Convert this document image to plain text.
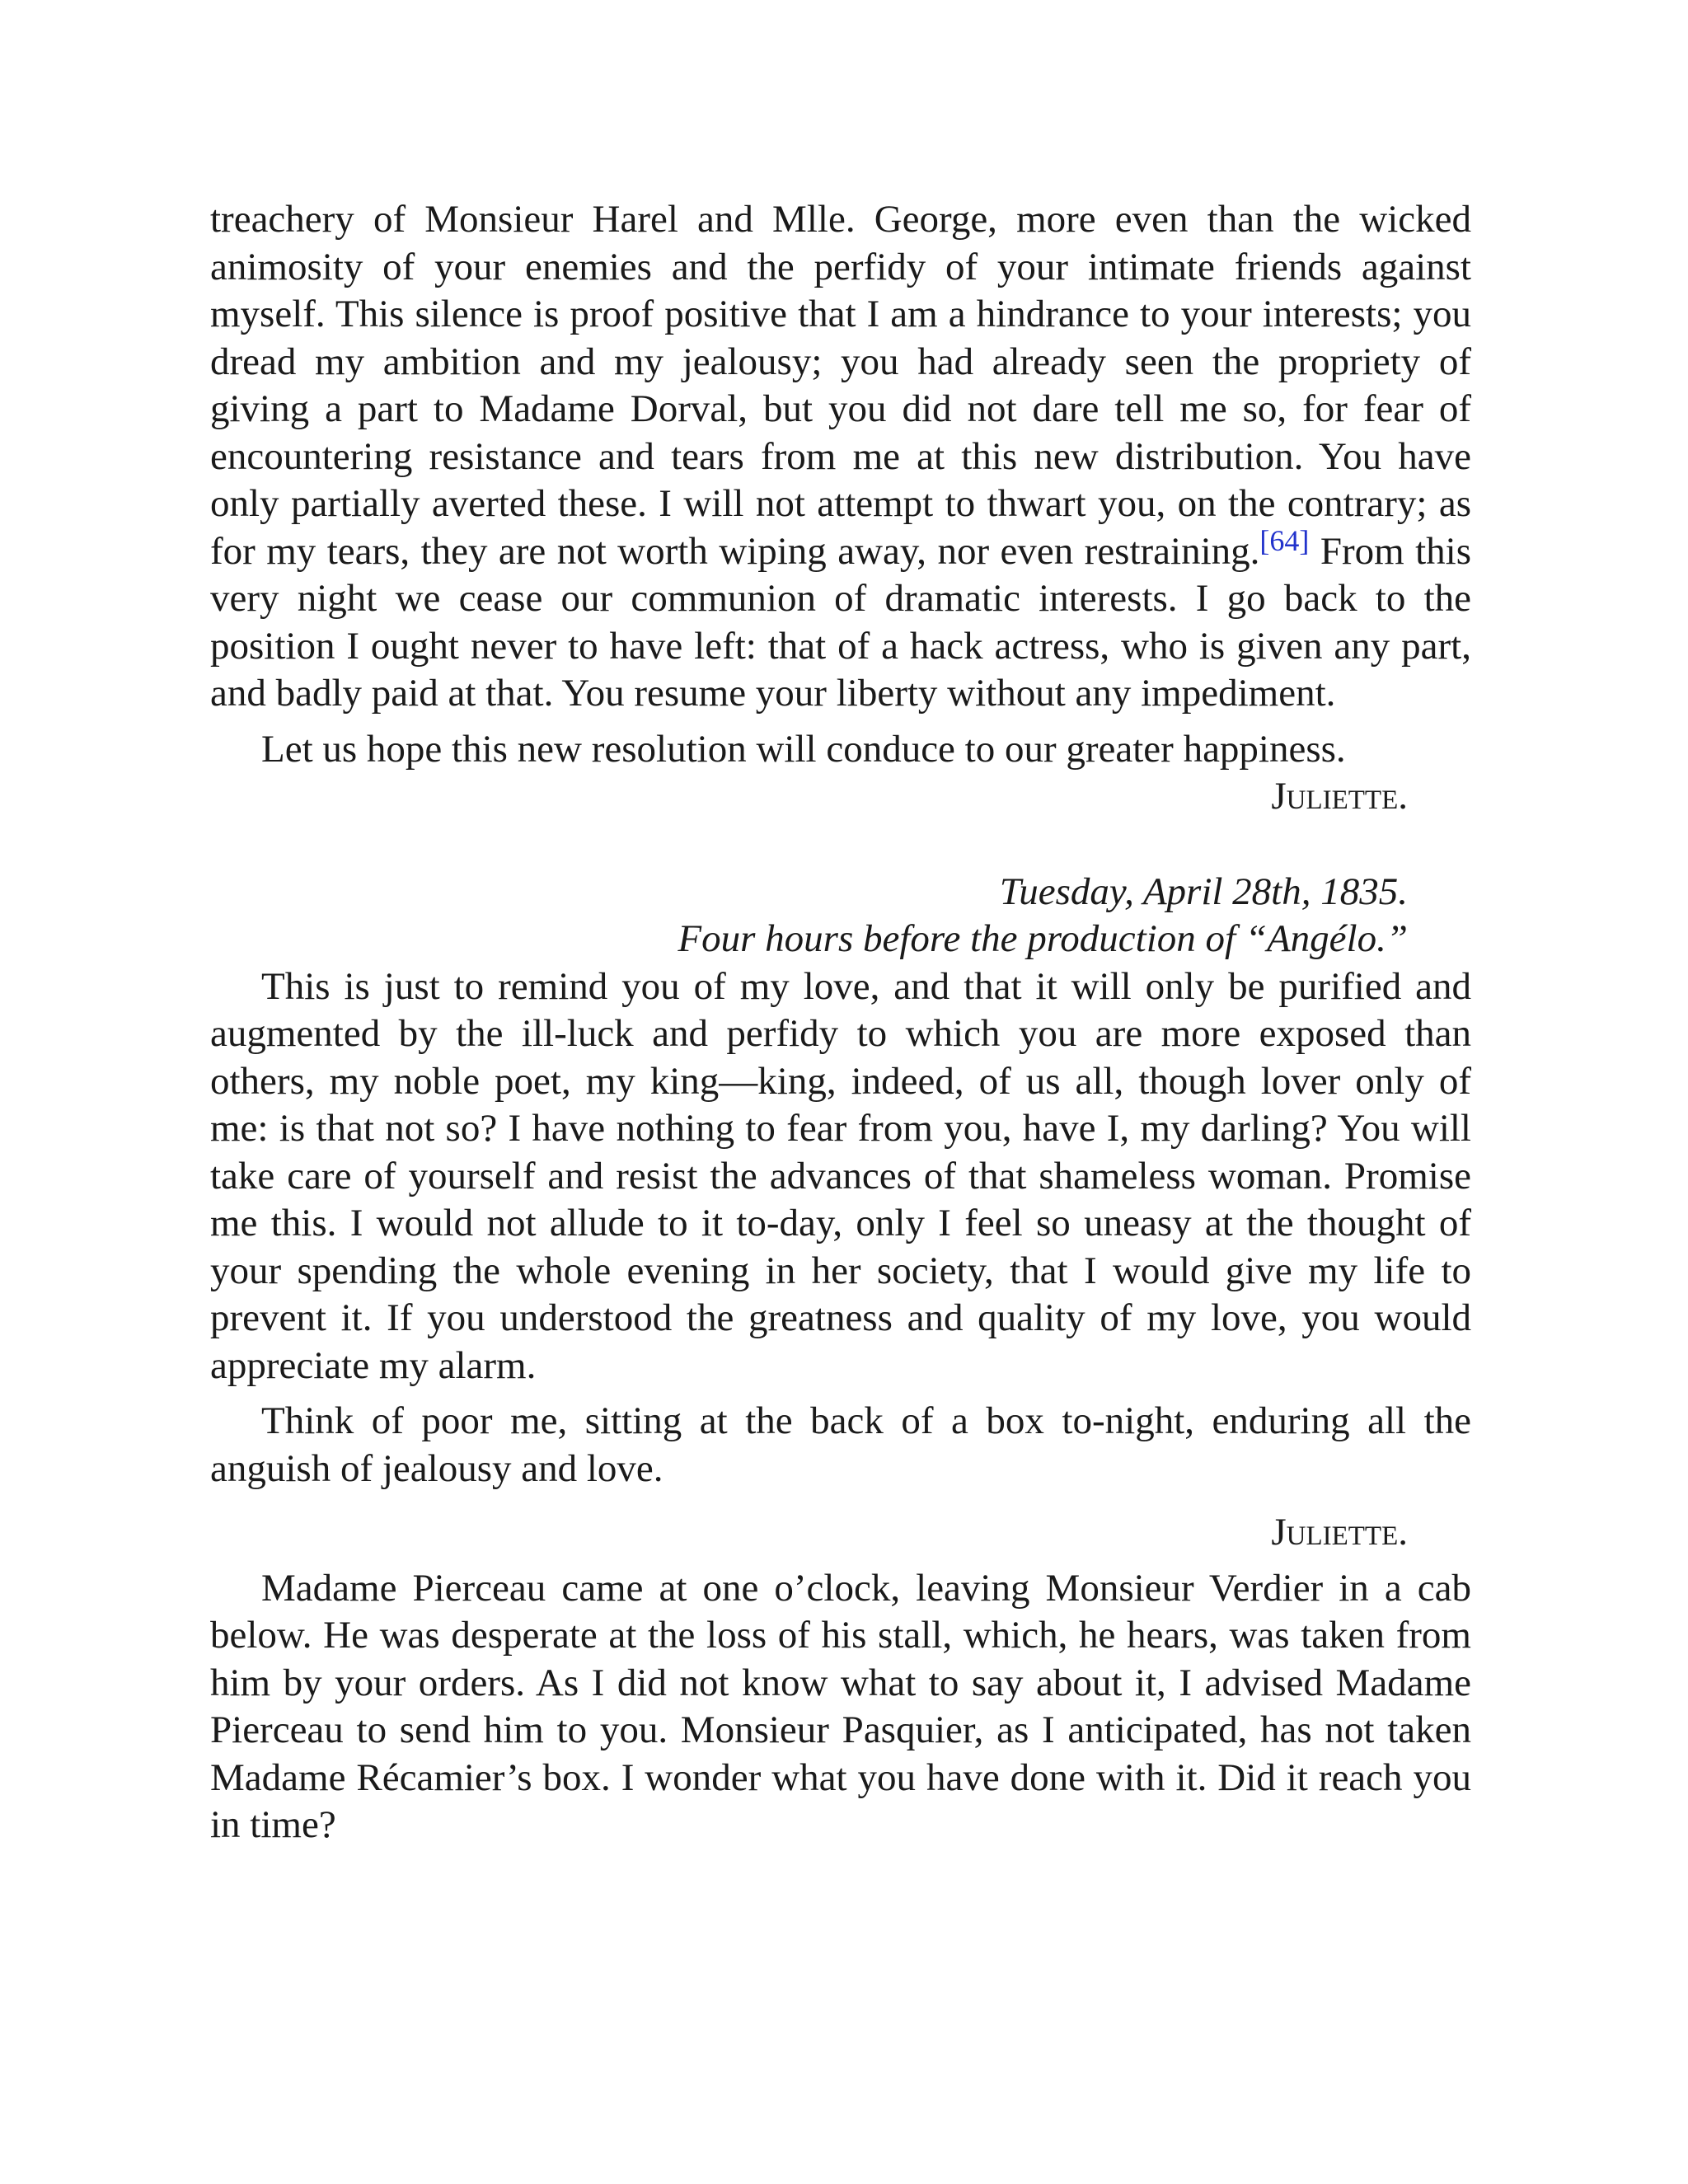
treachery of Monsieur Harel and Mlle. George, more even than the wicked animosity of your enemies and the perfidy of your intimate friends against myself. This silence is proof positive that I am a hindrance to your interests; you dread my ambition and my jealousy; you had already seen the propriety of giving a part to Madame Dorval, but you did not dare tell me so, for fear of encountering resistance and tears from me at this new distribution. You have only partially averted these. I will not attempt to thwart you, on the contrary; as for my tears, they are not worth wiping away, nor even restraining.[64] From this very night we cease our communion of dramatic interests. I go back to the position I ought never to have left: that of a hack actress, who is given any part, and badly paid at that. You resume your liberty without any impediment.

Let us hope this new resolution will conduce to our greater happiness.

Juliette.

Tuesday, April 28th, 1835.

Four hours before the production of “Angélo.”

This is just to remind you of my love, and that it will only be purified and augmented by the ill-luck and perfidy to which you are more exposed than others, my noble poet, my king—king, indeed, of us all, though lover only of me: is that not so? I have nothing to fear from you, have I, my darling? You will take care of yourself and resist the advances of that shameless woman. Promise me this. I would not allude to it to-day, only I feel so uneasy at the thought of your spending the whole evening in her society, that I would give my life to prevent it. If you understood the greatness and quality of my love, you would appreciate my alarm.

Think of poor me, sitting at the back of a box to-night, enduring all the anguish of jealousy and love.

Juliette.

Madame Pierceau came at one o’clock, leaving Monsieur Verdier in a cab below. He was desperate at the loss of his stall, which, he hears, was taken from him by your orders. As I did not know what to say about it, I advised Madame Pierceau to send him to you. Monsieur Pasquier, as I anticipated, has not taken Madame Récamier’s box. I wonder what you have done with it. Did it reach you in time?
